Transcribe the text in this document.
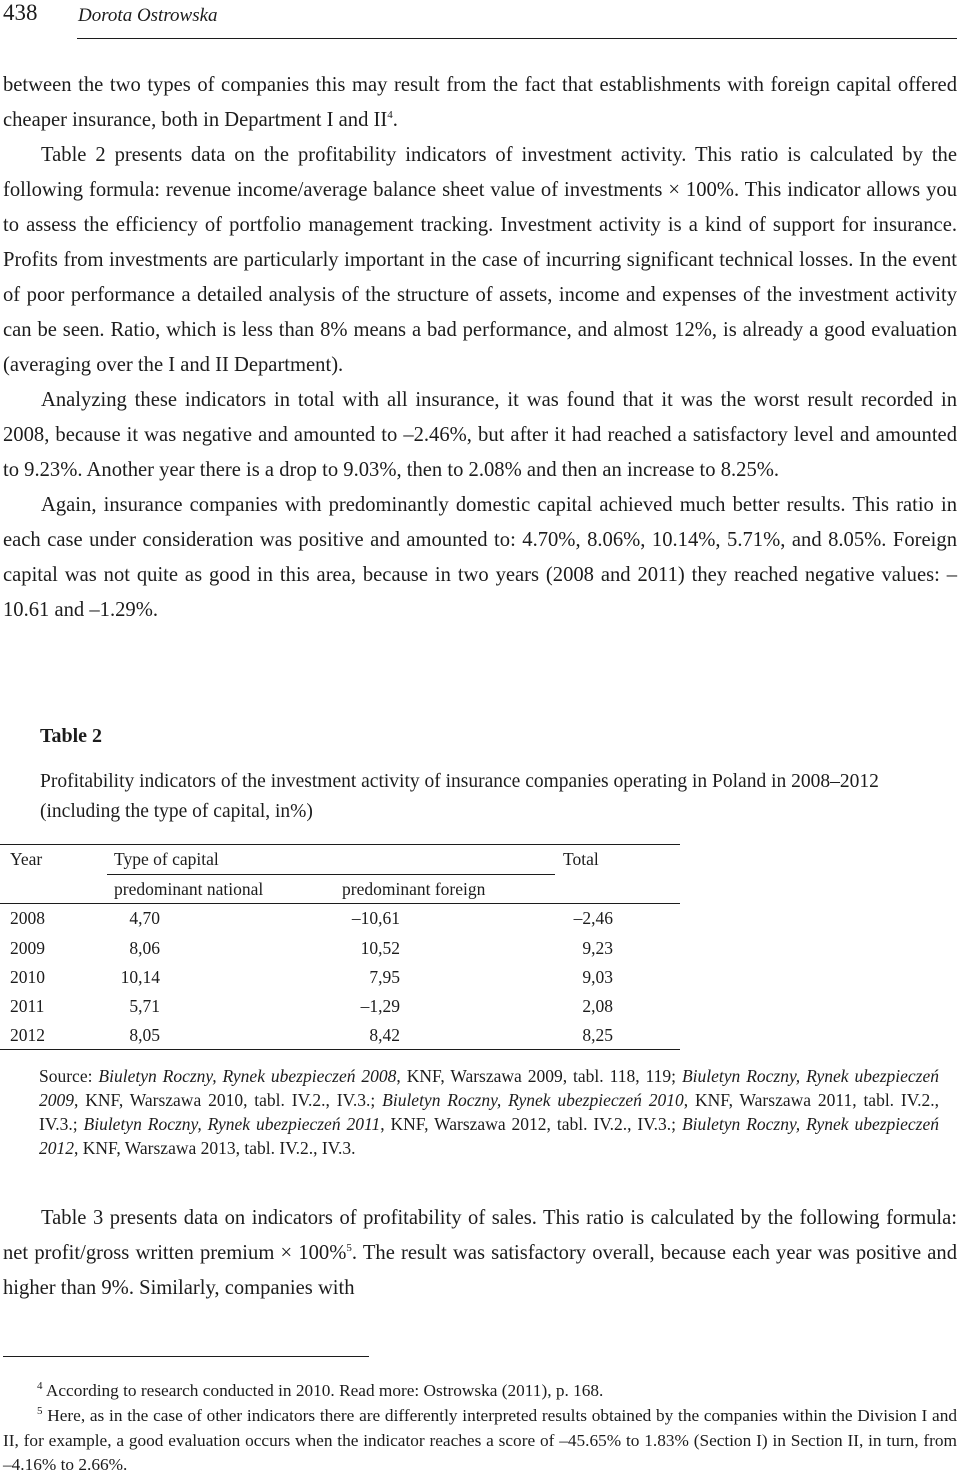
438 Dorota Ostrowska

between the two types of companies this may result from the fact that establishments with foreign capital offered cheaper insurance, both in Department I and $II^4$.

Table 2 presents data on the profitability indicators of investment activity. This ratio is calculated by the following formula: revenue income/average balance sheet value of investments × 100%. This indicator allows you to assess the efficiency of portfolio management tracking. Investment activity is a kind of support for insurance. Profits from investments are particularly important in the case of incurring significant technical losses. In the event of poor performance a detailed analysis of the structure of assets, income and expenses of the investment activity can be seen. Ratio, which is less than 8% means a bad performance, and almost 12%, is already a good evaluation (averaging over the I and II Department).

Analyzing these indicators in total with all insurance, it was found that it was the worst result recorded in 2008, because it was negative and amounted to –2.46%, but after it had reached a satisfactory level and amounted to 9.23%. Another year there is a drop to 9.03%, then to 2.08% and then an increase to 8.25%.

Again, insurance companies with predominantly domestic capital achieved much better results. This ratio in each case under consideration was positive and amounted to: 4.70%, 8.06%, 10.14%, 5.71%, and 8.05%. Foreign capital was not quite as good in this area, because in two years (2008 and 2011) they reached negative values: –10.61 and –1.29%.

Table 2
Profitability indicators of the investment activity of insurance companies operating in Poland in 2008–2012 (including the type of capital, in%)
Year	Type of capital	Total
predominant national	predominant foreign
2008	4,70	–10,61	–2,46
2009	8,06	10,52	9,23
2010	10,14	7,95	9,03
2011	5,71	–1,29	2,08
2012	8,05	8,42	8,25
Source: Biuletyn Roczny, Rynek ubezpieczeń 2008, KNF, Warszawa 2009, tabl. 118, 119; Biuletyn Roczny, Rynek ubezpieczeń 2009, KNF, Warszawa 2010, tabl. IV.2., IV.3.; Biuletyn Roczny, Rynek ubezpieczeń 2010, KNF, Warszawa 2011, tabl. IV.2., IV.3.; Biuletyn Roczny, Rynek ubezpieczeń 2011, KNF, Warszawa 2012, tabl. IV.2., IV.3.; Biuletyn Roczny, Rynek ubezpieczeń 2012, KNF, Warszawa 2013, tabl. IV.2., IV.3.

Table 3 presents data on indicators of profitability of sales. This ratio is calculated by the following formula: net profit/gross written premium × 100%$^5$. The result was satisfactory overall, because each year was positive and higher than 9%. Similarly, companies with

$^4$ According to research conducted in 2010. Read more: Ostrowska (2011), p. 168.
$^5$ Here, as in the case of other indicators there are differently interpreted results obtained by the companies within the Division I and II, for example, a good evaluation occurs when the indicator reaches a score of –45.65% to 1.83% (Section I) in Section II, in turn, from –4.16% to 2.66%.
